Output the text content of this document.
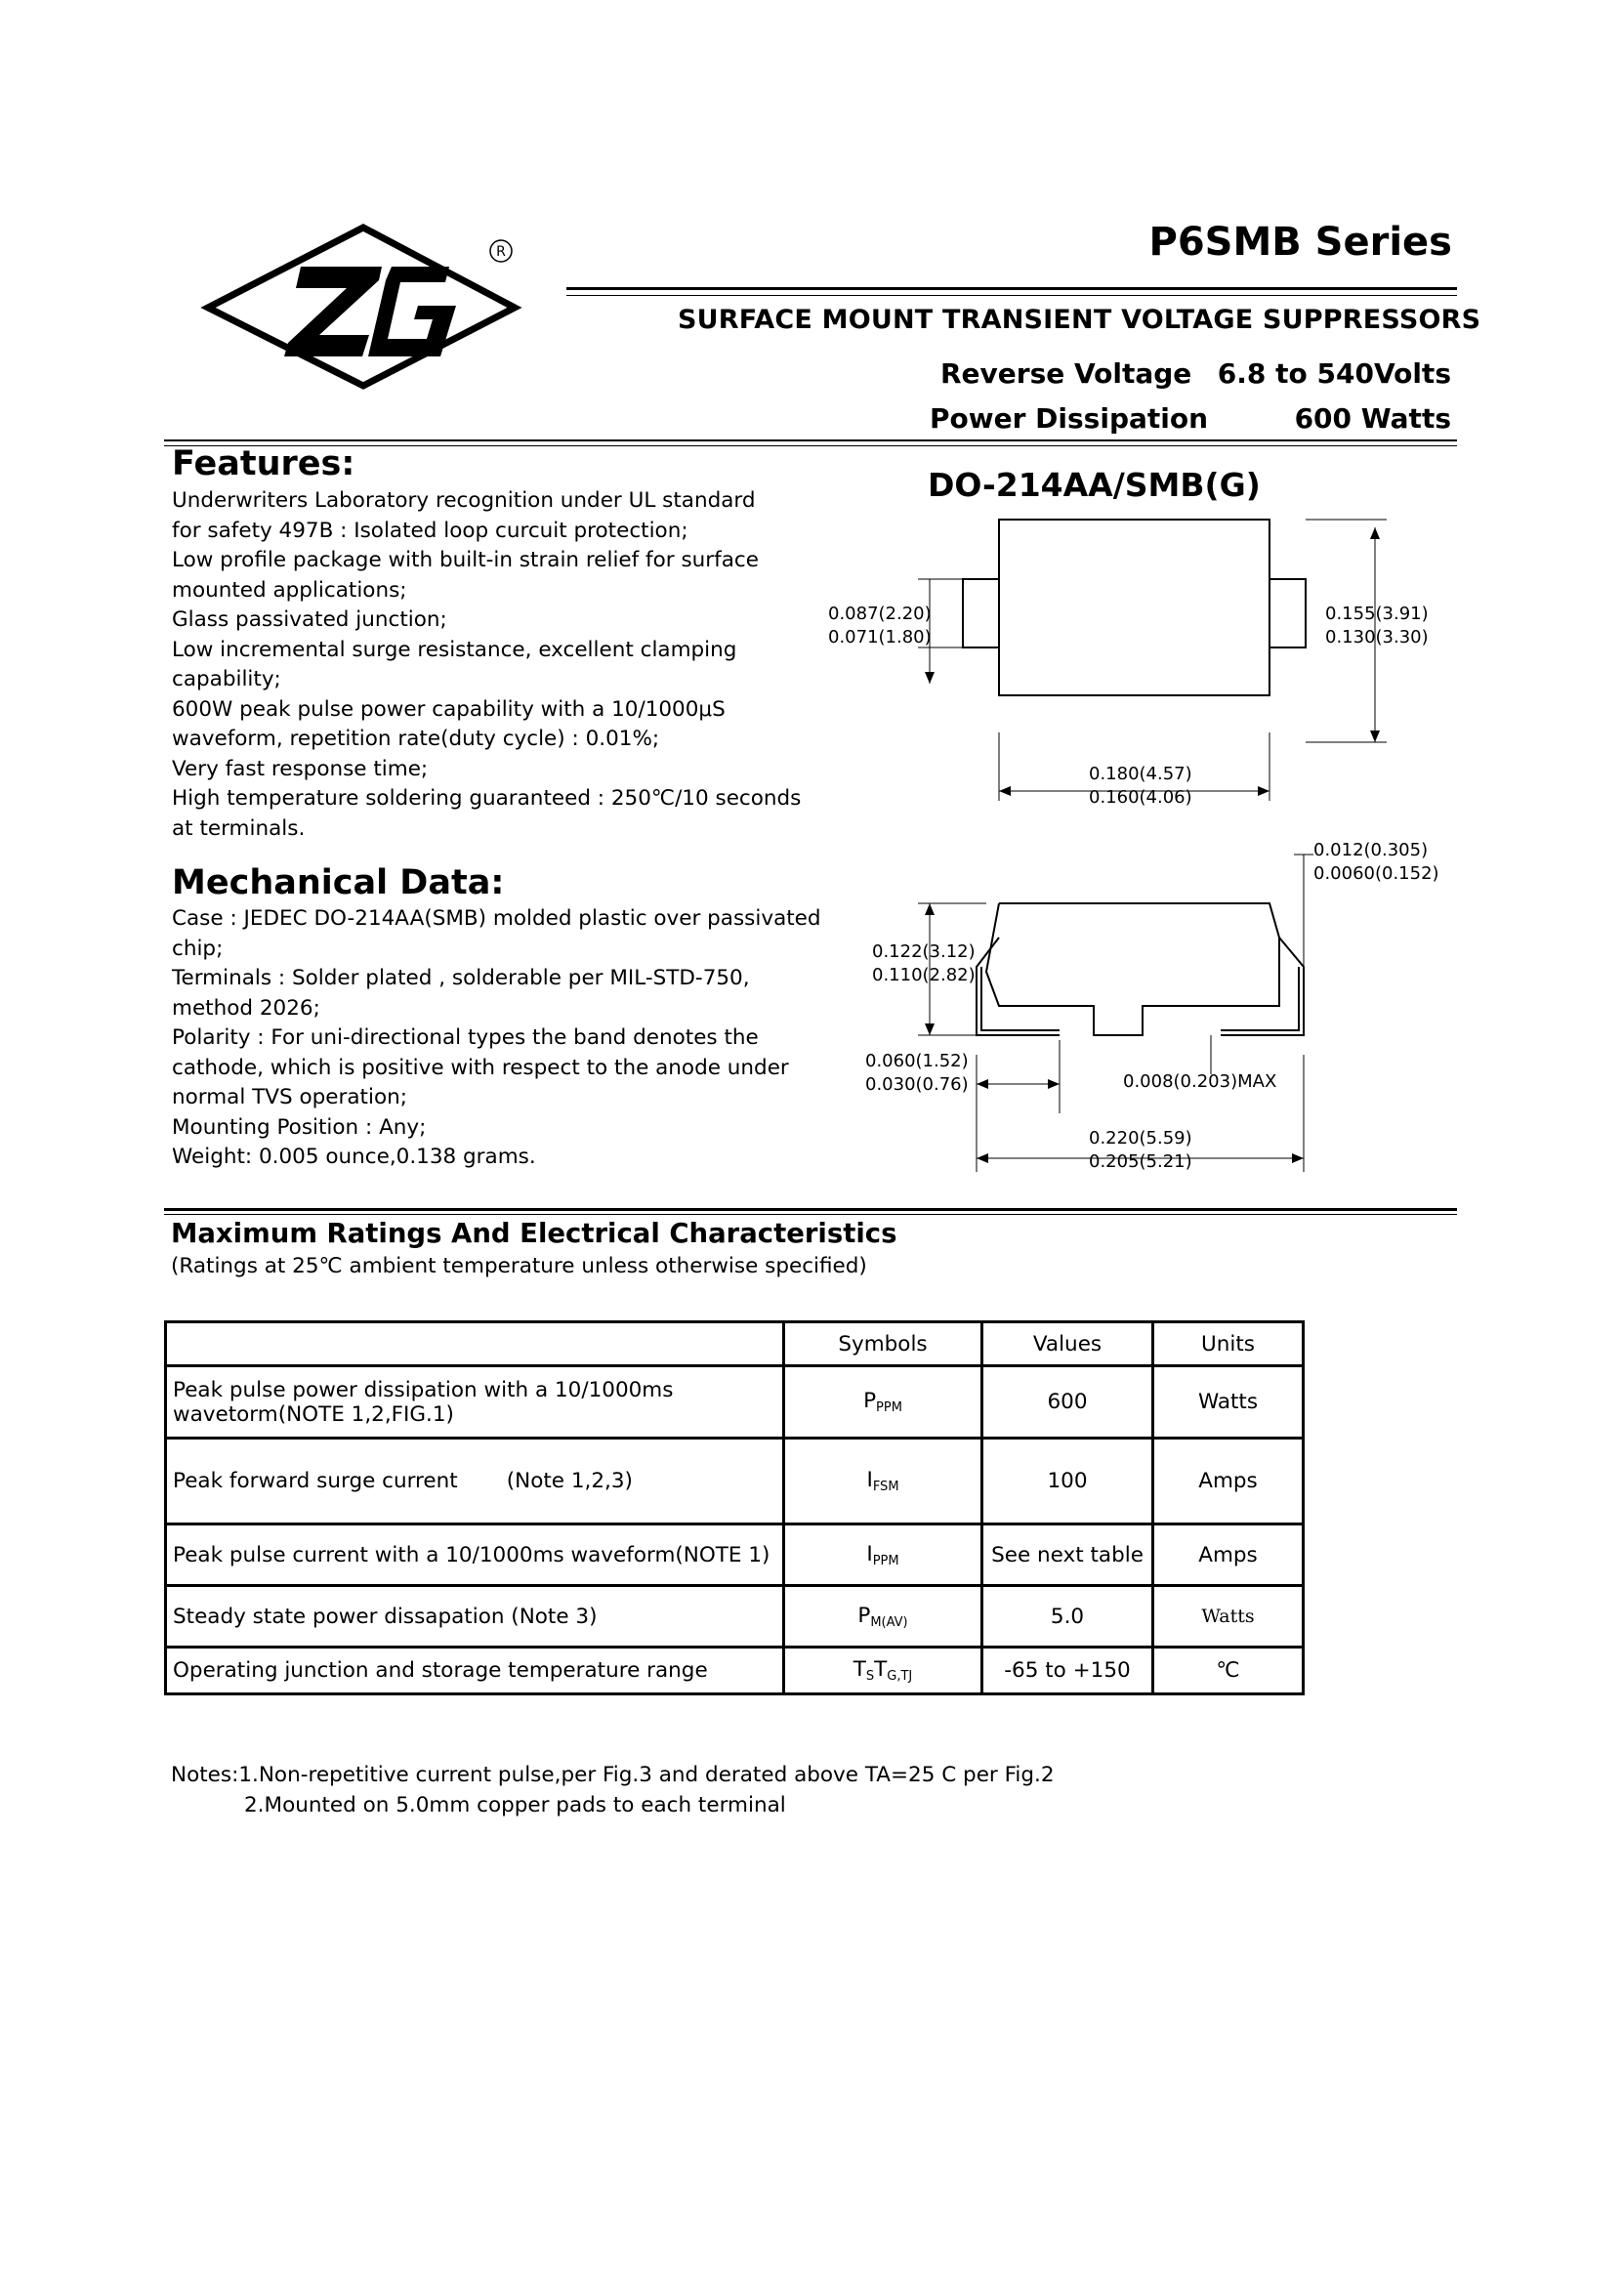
R	P6SMB Series
SURFACE MOUNT TRANSIENT VOLTAGE SUPPRESSORS
Reverse Voltage 6.8 to 540Volts
Power Dissipation	600 Watts
Features:
Underwriters Laboratory recognition under UL standard
for safety 497B : Isolated loop curcuit protection;
Low profile package with built-in strain relief for surface
mounted applications;
Glass passivated junction;
Low incremental surge resistance, excellent clamping
capability;
600W peak pulse power capability with a 10/1000μS
waveform, repetition rate(duty cycle) : 0.01%;
Very fast response time;
High temperature soldering guaranteed : 250℃/10 seconds
at terminals.
Mechanical Data:
Case : JEDEC DO-214AA(SMB) molded plastic over passivated
chip;
Terminals : Solder plated , solderable per MIL-STD-750,
method 2026;
Polarity : For uni-directional types the band denotes the
cathode, which is positive with respect to the anode under
normal TVS operation;
Mounting Position : Any;
Weight: 0.005 ounce,0.138 grams.
DO-214AA/SMB(G)
0.087(2.20)
0.071(1.80)
0.155(3.91)
0.130(3.30)
0.180(4.57)
0.160(4.06)
0.012(0.305)
0.0060(0.152)
0.122(3.12)
0.110(2.82)
0.060(1.52)
0.030(0.76)	0.008(0.203)MAX
0.220(5.59)
0.205(5.21)
Maximum Ratings And Electrical Characteristics
(Ratings at 25℃ ambient temperature unless otherwise specified)
	Symbols	Values	Units

Peak pulse power dissipation with a 10/1000ms
wavetorm(NOTE 1,2,FIG.1)	$P_{PPM}$	600	Watts
Peak forward surge current (Note 1,2,3)	$I_{FSM}$	100	Amps
Peak pulse current with a 10/1000ms waveform(NOTE 1)	$I_{PPM}$	See next table	Amps
Steady state power dissapation (Note 3)	$P_{M(AV)}$	5.0	Watts
Operating junction and storage temperature range	$T_ST_{G,TJ}$	-65 to +150	℃
Notes:1.Non-repetitive current pulse,per Fig.3 and derated above TA=25 C per Fig.2
2.Mounted on 5.0mm copper pads to each terminal
